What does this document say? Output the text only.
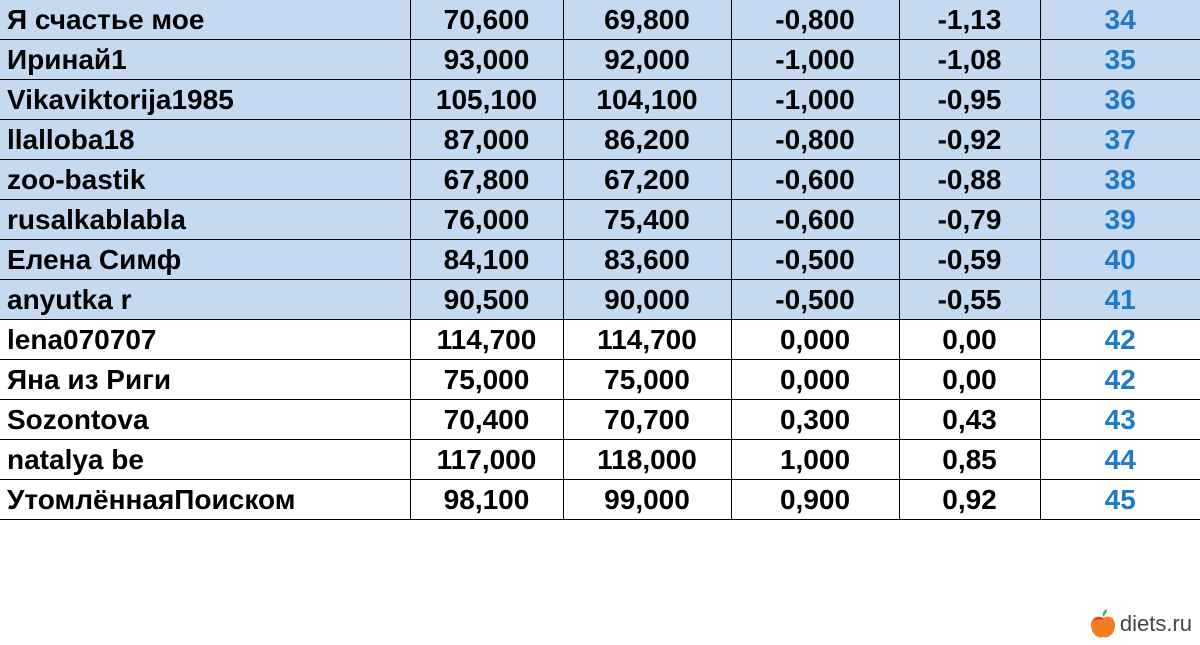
Я счастье мое	70,600	69,800	-0,800	-1,13	34
Иринай1	93,000	92,000	-1,000	-1,08	35
Vikaviktorija1985	105,100	104,100	-1,000	-0,95	36
llalloba18	87,000	86,200	-0,800	-0,92	37
zoo-bastik	67,800	67,200	-0,600	-0,88	38
rusalkablabla	76,000	75,400	-0,600	-0,79	39
Елена Симф	84,100	83,600	-0,500	-0,59	40
anyutka r	90,500	90,000	-0,500	-0,55	41
lena070707	114,700	114,700	0,000	0,00	42
Яна из Риги	75,000	75,000	0,000	0,00	42
Sozontova	70,400	70,700	0,300	0,43	43
natalya be	117,000	118,000	1,000	0,85	44
УтомлённаяПоиском	98,100	99,000	0,900	0,92	45
diets.ru
